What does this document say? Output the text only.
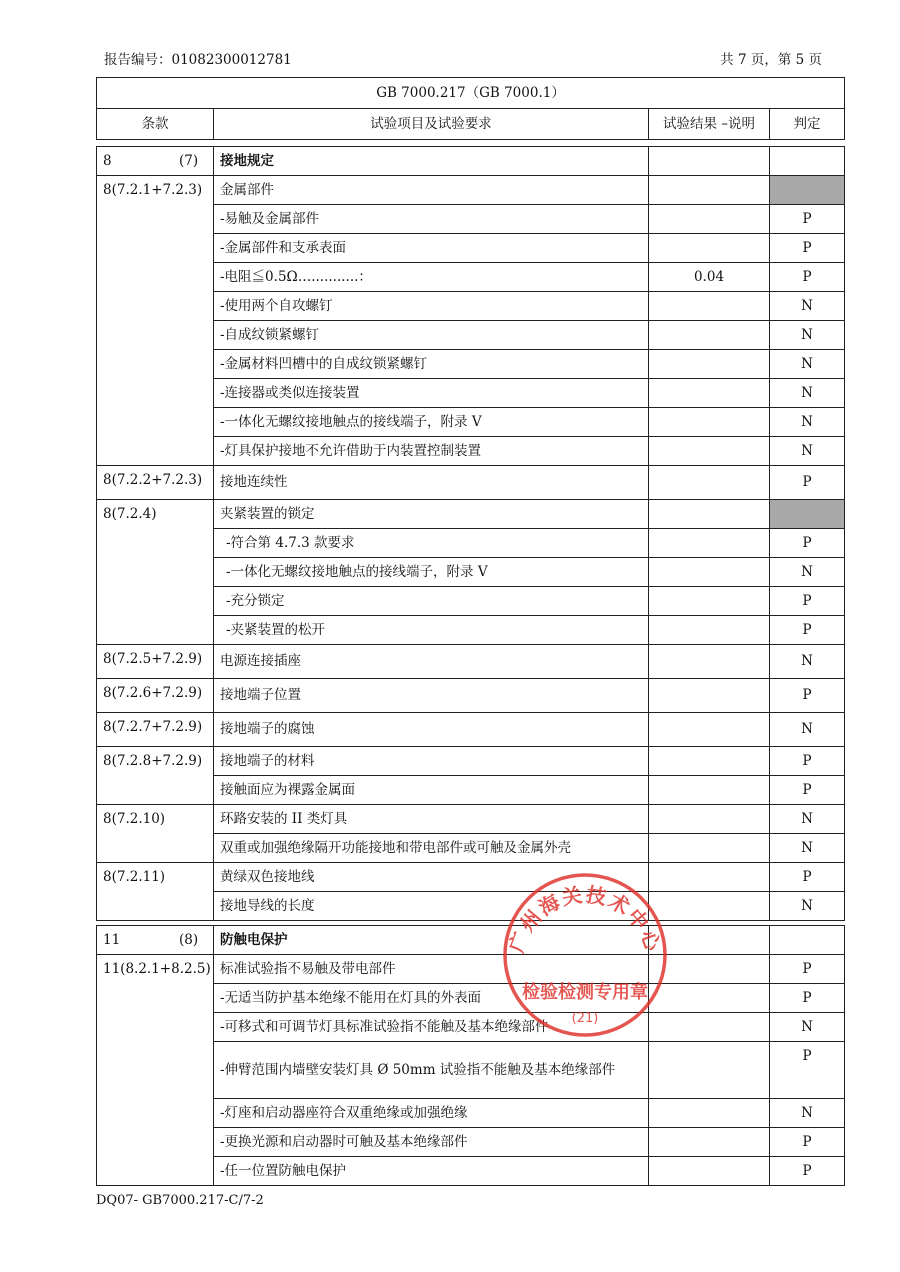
报告编号：01082300012781	共 7 页，第 5 页
GB 7000.217（GB 7000.1）
条款	试验项目及试验要求	试验结果 –说明	判定
8 (7)	接地规定		
8(7.2.1+7.2.3)	金属部件		
	-易触及金属部件		P
	-金属部件和支承表面		P
	-电阻≦0.5Ω…...........：	0.04	P
	-使用两个自攻螺钉		N
	-自成纹锁紧螺钉		N
	-金属材料凹槽中的自成纹锁紧螺钉		N
	-连接器或类似连接装置		N
	-一体化无螺纹接地触点的接线端子，附录 V		N
	-灯具保护接地不允许借助于内装置控制装置		N
8(7.2.2+7.2.3)	接地连续性		P
8(7.2.4)	夹紧装置的锁定		
	-符合第 4.7.3 款要求		P
	-一体化无螺纹接地触点的接线端子，附录 V		N
	-充分锁定		P
	-夹紧装置的松开		P
8(7.2.5+7.2.9)	电源连接插座		N
8(7.2.6+7.2.9)	接地端子位置		P
8(7.2.7+7.2.9)	接地端子的腐蚀		N
8(7.2.8+7.2.9)	接地端子的材料		P
	接触面应为裸露金属面		P
8(7.2.10)	环路安装的 II 类灯具		N
	双重或加强绝缘隔开功能接地和带电部件或可触及金属外壳		N
8(7.2.11)	黄绿双色接地线		P
	接地导线的长度		N
11 (8)	防触电保护		
11(8.2.1+8.2.5)	标准试验指不易触及带电部件		P
	-无适当防护基本绝缘不能用在灯具的外表面		P
	-可移式和可调节灯具标准试验指不能触及基本绝缘部件		N
	-伸臂范围内墙壁安装灯具 Ø 50mm 试验指不能触及基本绝缘部件		P
	-灯座和启动器座符合双重绝缘或加强绝缘		N
	-更换光源和启动器时可触及基本绝缘部件		P
	-任一位置防触电保护		P
广州海关技术中心
检验检测专用章
(21)
DQ07- GB7000.217-C/7-2
